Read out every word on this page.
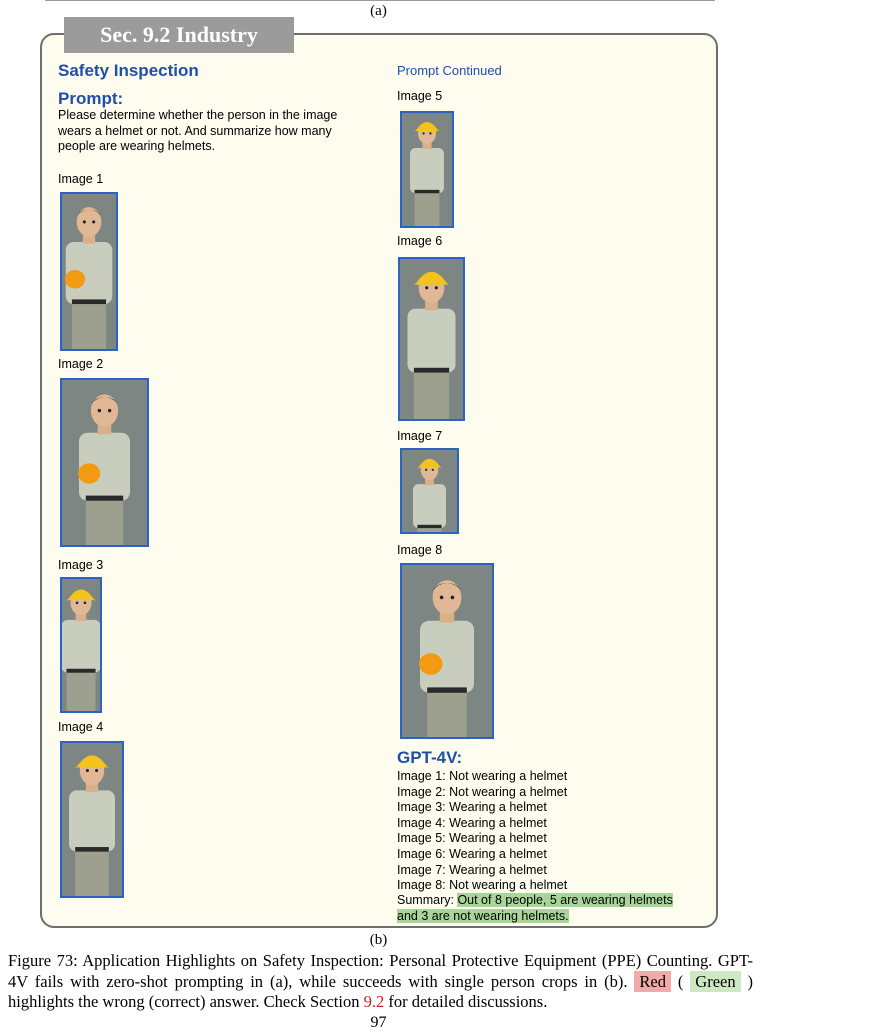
(a)
Sec. 9.2 Industry
Safety Inspection
Prompt:
Please determine whether the person in the image wears a helmet or not. And summarize how many people are wearing helmets.
Prompt Continued
Image 1
Image 2
Image 3
Image 4
Image 5
Image 6
Image 7
Image 8
GPT-4V:
Image 1: Not wearing a helmet
Image 2: Not wearing a helmet
Image 3: Wearing a helmet
Image 4: Wearing a helmet
Image 5: Wearing a helmet
Image 6: Wearing a helmet
Image 7: Wearing a helmet
Image 8: Not wearing a helmet
Summary: Out of 8 people, 5 are wearing helmets and 3 are not wearing helmets.
(b)
Figure 73: Application Highlights on Safety Inspection: Personal Protective Equipment (PPE) Counting. GPT-4V fails with zero-shot prompting in (a), while succeeds with single person crops in (b). Red ( Green ) highlights the wrong (correct) answer. Check Section 9.2 for detailed discussions.
97
